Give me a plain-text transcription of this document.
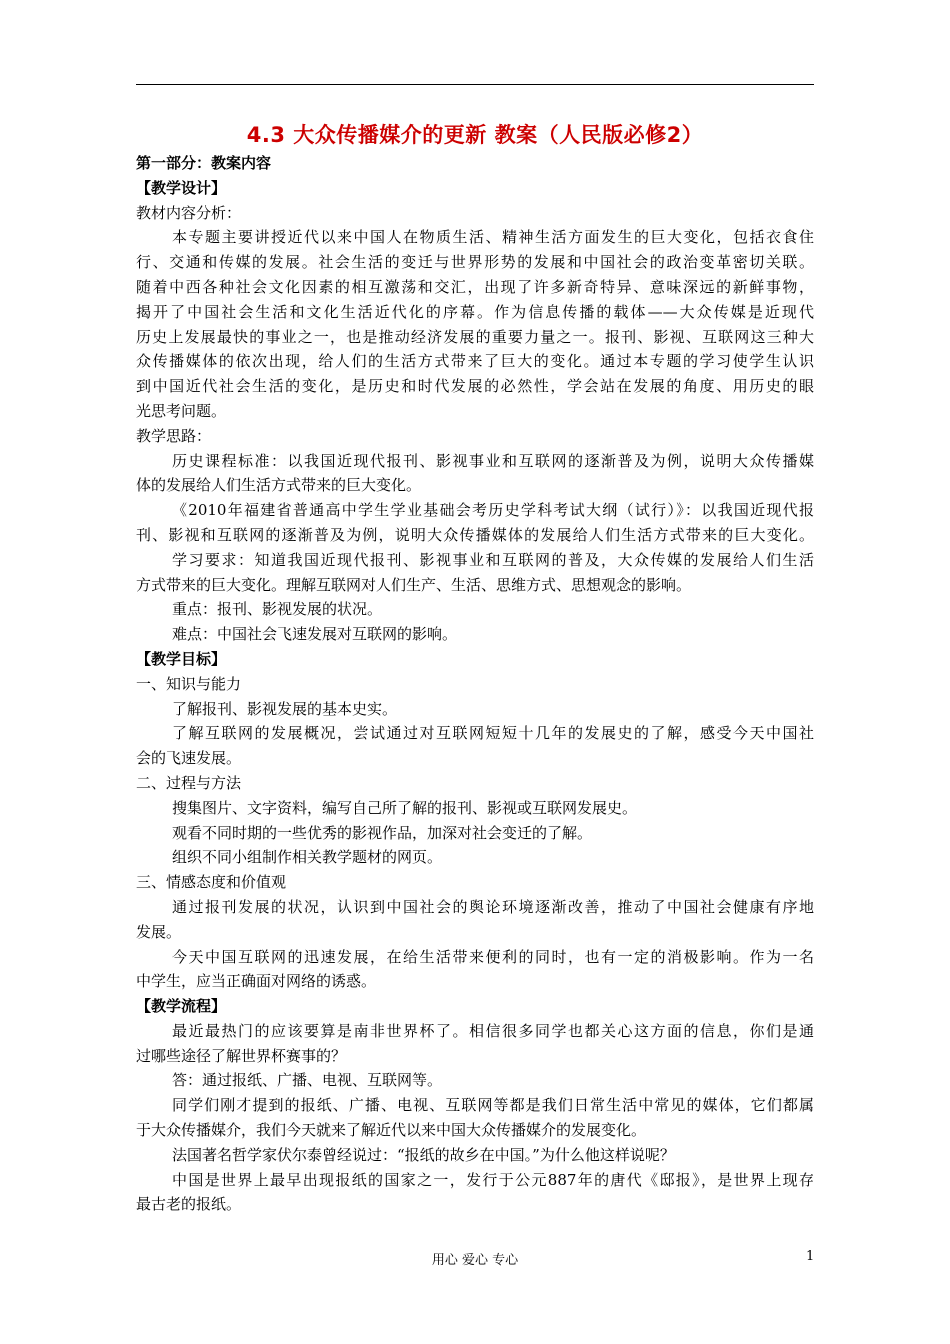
4.3 大众传播媒介的更新 教案（人民版必修2）
第一部分：教案内容
【教学设计】
教材内容分析：
本专题主要讲授近代以来中国人在物质生活、精神生活方面发生的巨大变化，包括衣食住
行、交通和传媒的发展。社会生活的变迁与世界形势的发展和中国社会的政治变革密切关联。
随着中西各种社会文化因素的相互激荡和交汇，出现了许多新奇特异、意味深远的新鲜事物，
揭开了中国社会生活和文化生活近代化的序幕。作为信息传播的载体——大众传媒是近现代
历史上发展最快的事业之一，也是推动经济发展的重要力量之一。报刊、影视、互联网这三种大
众传播媒体的依次出现，给人们的生活方式带来了巨大的变化。通过本专题的学习使学生认识
到中国近代社会生活的变化，是历史和时代发展的必然性，学会站在发展的角度、用历史的眼
光思考问题。
教学思路：
历史课程标准：以我国近现代报刊、影视事业和互联网的逐渐普及为例，说明大众传播媒
体的发展给人们生活方式带来的巨大变化。
《2010年福建省普通高中学生学业基础会考历史学科考试大纲（试行）》：以我国近现代报
刊、影视和互联网的逐渐普及为例，说明大众传播媒体的发展给人们生活方式带来的巨大变化。
学习要求：知道我国近现代报刊、影视事业和互联网的普及，大众传媒的发展给人们生活
方式带来的巨大变化。理解互联网对人们生产、生活、思维方式、思想观念的影响。
重点：报刊、影视发展的状况。
难点：中国社会飞速发展对互联网的影响。
【教学目标】
一、知识与能力
了解报刊、影视发展的基本史实。
了解互联网的发展概况，尝试通过对互联网短短十几年的发展史的了解，感受今天中国社
会的飞速发展。
二、过程与方法
搜集图片、文字资料，编写自己所了解的报刊、影视或互联网发展史。
观看不同时期的一些优秀的影视作品，加深对社会变迁的了解。
组织不同小组制作相关教学题材的网页。
三、情感态度和价值观
通过报刊发展的状况，认识到中国社会的舆论环境逐渐改善，推动了中国社会健康有序地
发展。
今天中国互联网的迅速发展，在给生活带来便利的同时，也有一定的消极影响。作为一名
中学生，应当正确面对网络的诱惑。
【教学流程】
最近最热门的应该要算是南非世界杯了。相信很多同学也都关心这方面的信息，你们是通
过哪些途径了解世界杯赛事的？
答：通过报纸、广播、电视、互联网等。
同学们刚才提到的报纸、广播、电视、互联网等都是我们日常生活中常见的媒体，它们都属
于大众传播媒介，我们今天就来了解近代以来中国大众传播媒介的发展变化。
法国著名哲学家伏尔泰曾经说过：“报纸的故乡在中国。”为什么他这样说呢？
中国是世界上最早出现报纸的国家之一，发行于公元887年的唐代《邸报》，是世界上现存
最古老的报纸。
用心 爱心 专心	1
